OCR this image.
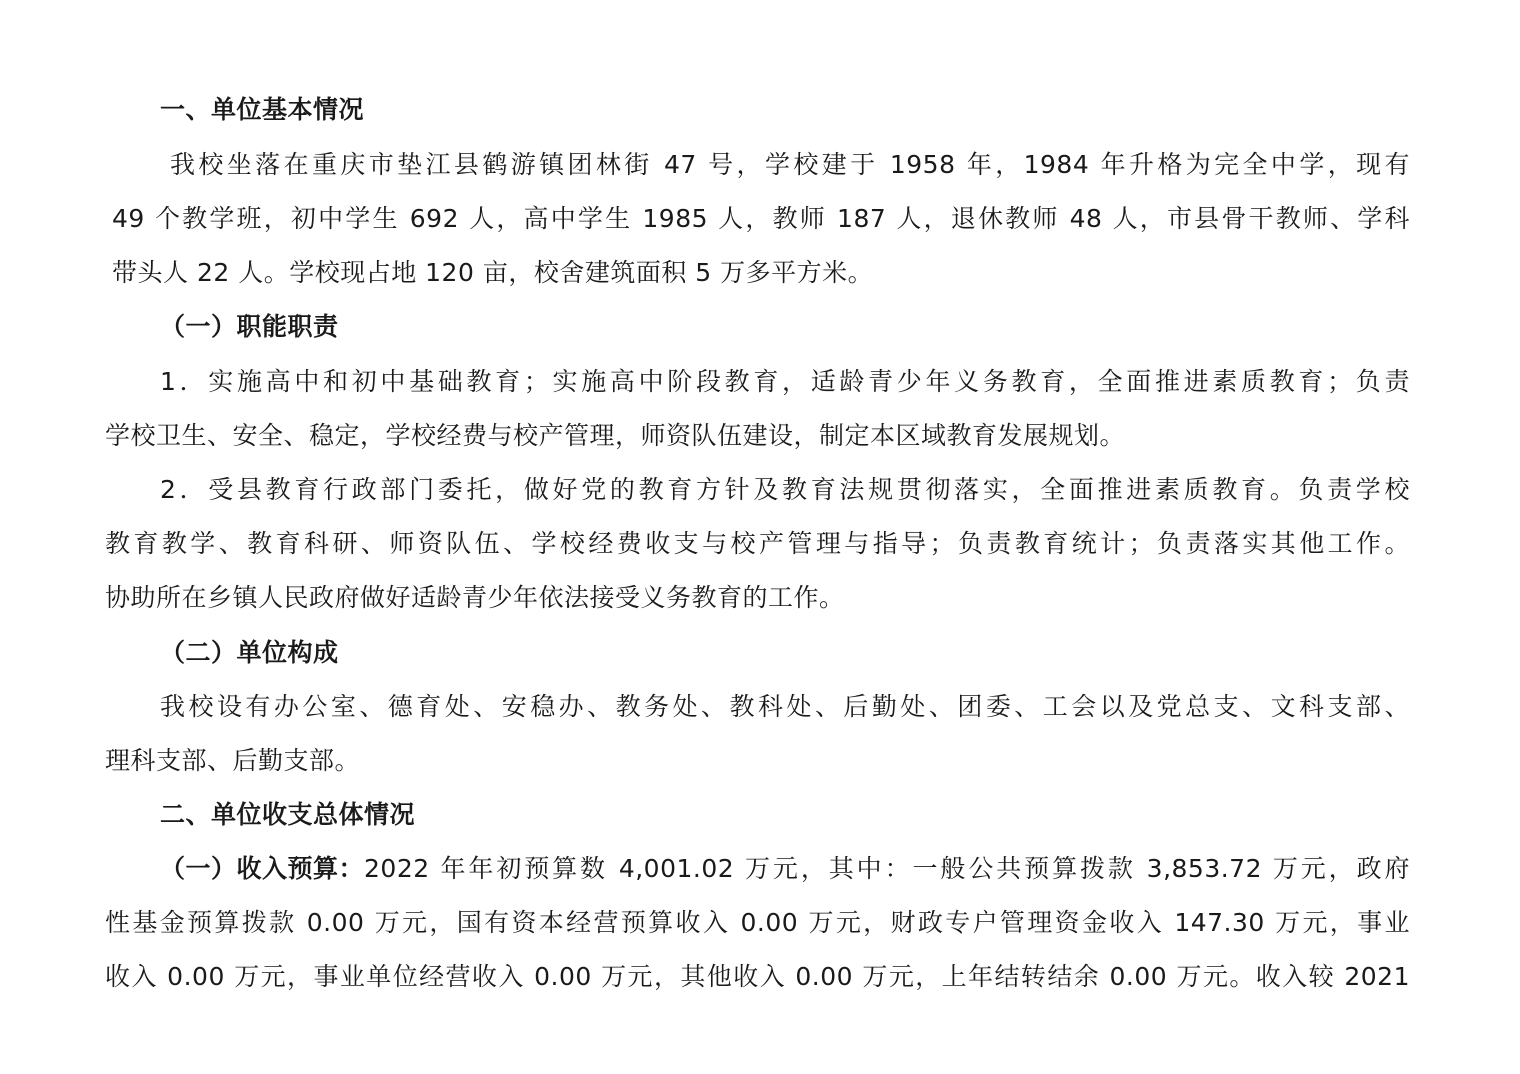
一、单位基本情况
我校坐落在重庆市垫江县鹤游镇团林街 47 号，学校建于 1958 年，1984 年升格为完全中学，现有
49 个教学班，初中学生 692 人，高中学生 1985 人，教师 187 人，退休教师 48 人，市县骨干教师、学科
带头人 22 人。学校现占地 120 亩，校舍建筑面积 5 万多平方米。
（一）职能职责
1．实施高中和初中基础教育；实施高中阶段教育，适龄青少年义务教育，全面推进素质教育；负责
学校卫生、安全、稳定，学校经费与校产管理，师资队伍建设，制定本区域教育发展规划。
2．受县教育行政部门委托，做好党的教育方针及教育法规贯彻落实，全面推进素质教育。负责学校
教育教学、教育科研、师资队伍、学校经费收支与校产管理与指导；负责教育统计；负责落实其他工作。
协助所在乡镇人民政府做好适龄青少年依法接受义务教育的工作。
（二）单位构成
我校设有办公室、德育处、安稳办、教务处、教科处、后勤处、团委、工会以及党总支、文科支部、
理科支部、后勤支部。
二、单位收支总体情况
（一）收入预算： 2022 年年初预算数 4,001.02 万元，其中：一般公共预算拨款 3,853.72 万元，政府
性基金预算拨款 0.00 万元，国有资本经营预算收入 0.00 万元，财政专户管理资金收入 147.30 万元，事业
收入 0.00 万元，事业单位经营收入 0.00 万元，其他收入 0.00 万元，上年结转结余 0.00 万元。收入较 2021
